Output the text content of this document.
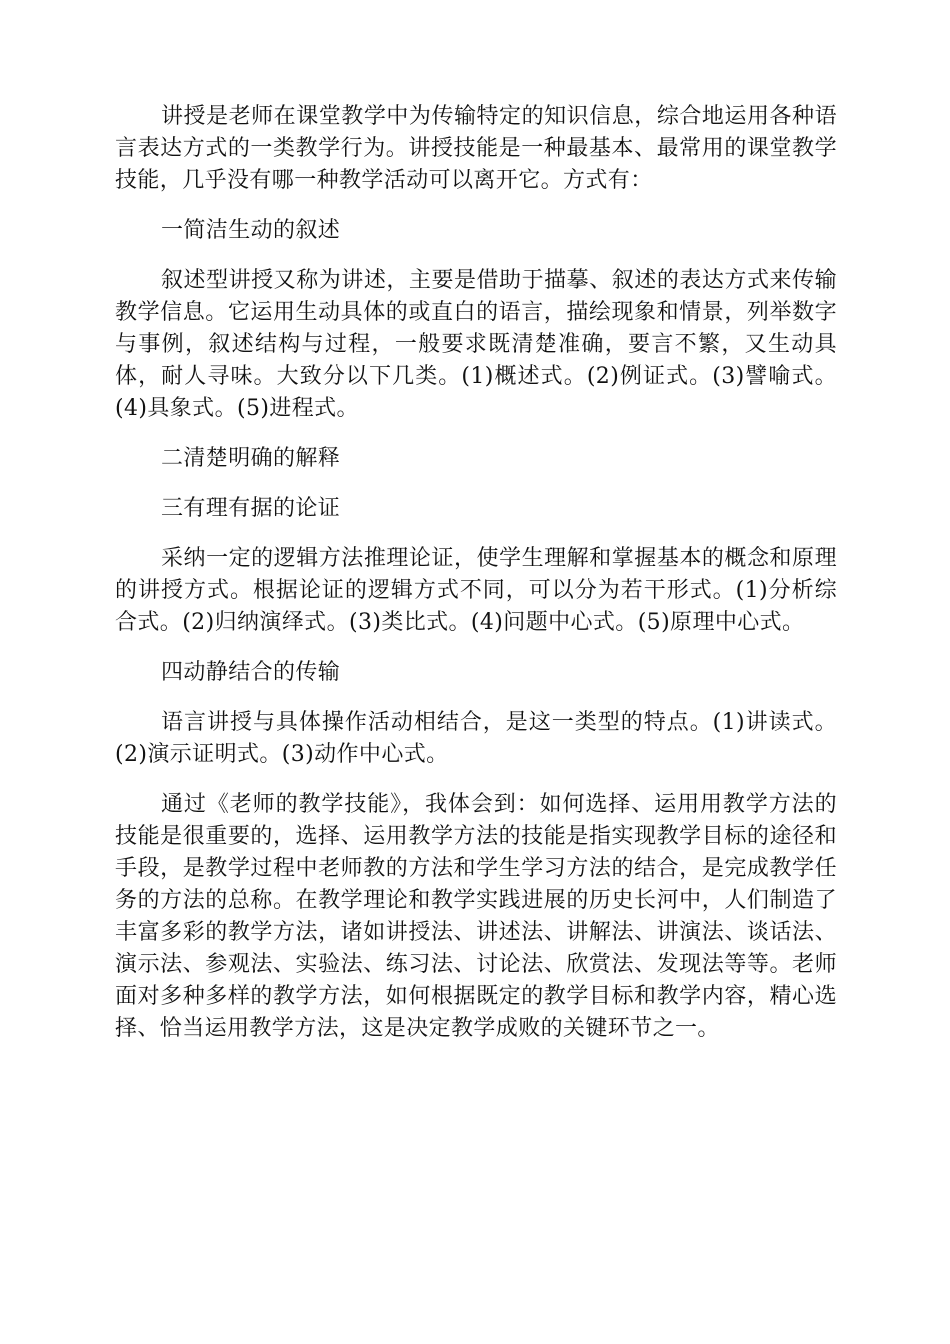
讲授是老师在课堂教学中为传输特定的知识信息，综合地运用各种语言表达方式的一类教学行为。讲授技能是一种最基本、最常用的课堂教学技能，几乎没有哪一种教学活动可以离开它。方式有：

一简洁生动的叙述

叙述型讲授又称为讲述，主要是借助于描摹、叙述的表达方式来传输教学信息。它运用生动具体的或直白的语言，描绘现象和情景，列举数字与事例，叙述结构与过程，一般要求既清楚准确，要言不繁，又生动具体，耐人寻味。大致分以下几类。(1)概述式。(2)例证式。(3)譬喻式。(4)具象式。(5)进程式。

二清楚明确的解释

三有理有据的论证

采纳一定的逻辑方法推理论证，使学生理解和掌握基本的概念和原理的讲授方式。根据论证的逻辑方式不同，可以分为若干形式。(1)分析综合式。(2)归纳演绎式。(3)类比式。(4)问题中心式。(5)原理中心式。

四动静结合的传输

语言讲授与具体操作活动相结合，是这一类型的特点。(1)讲读式。(2)演示证明式。(3)动作中心式。

通过《老师的教学技能》，我体会到：如何选择、运用用教学方法的技能是很重要的，选择、运用教学方法的技能是指实现教学目标的途径和手段，是教学过程中老师教的方法和学生学习方法的结合，是完成教学任务的方法的总称。在教学理论和教学实践进展的历史长河中，人们制造了丰富多彩的教学方法，诸如讲授法、讲述法、讲解法、讲演法、谈话法、演示法、参观法、实验法、练习法、讨论法、欣赏法、发现法等等。老师面对多种多样的教学方法，如何根据既定的教学目标和教学内容，精心选择、恰当运用教学方法，这是决定教学成败的关键环节之一。
